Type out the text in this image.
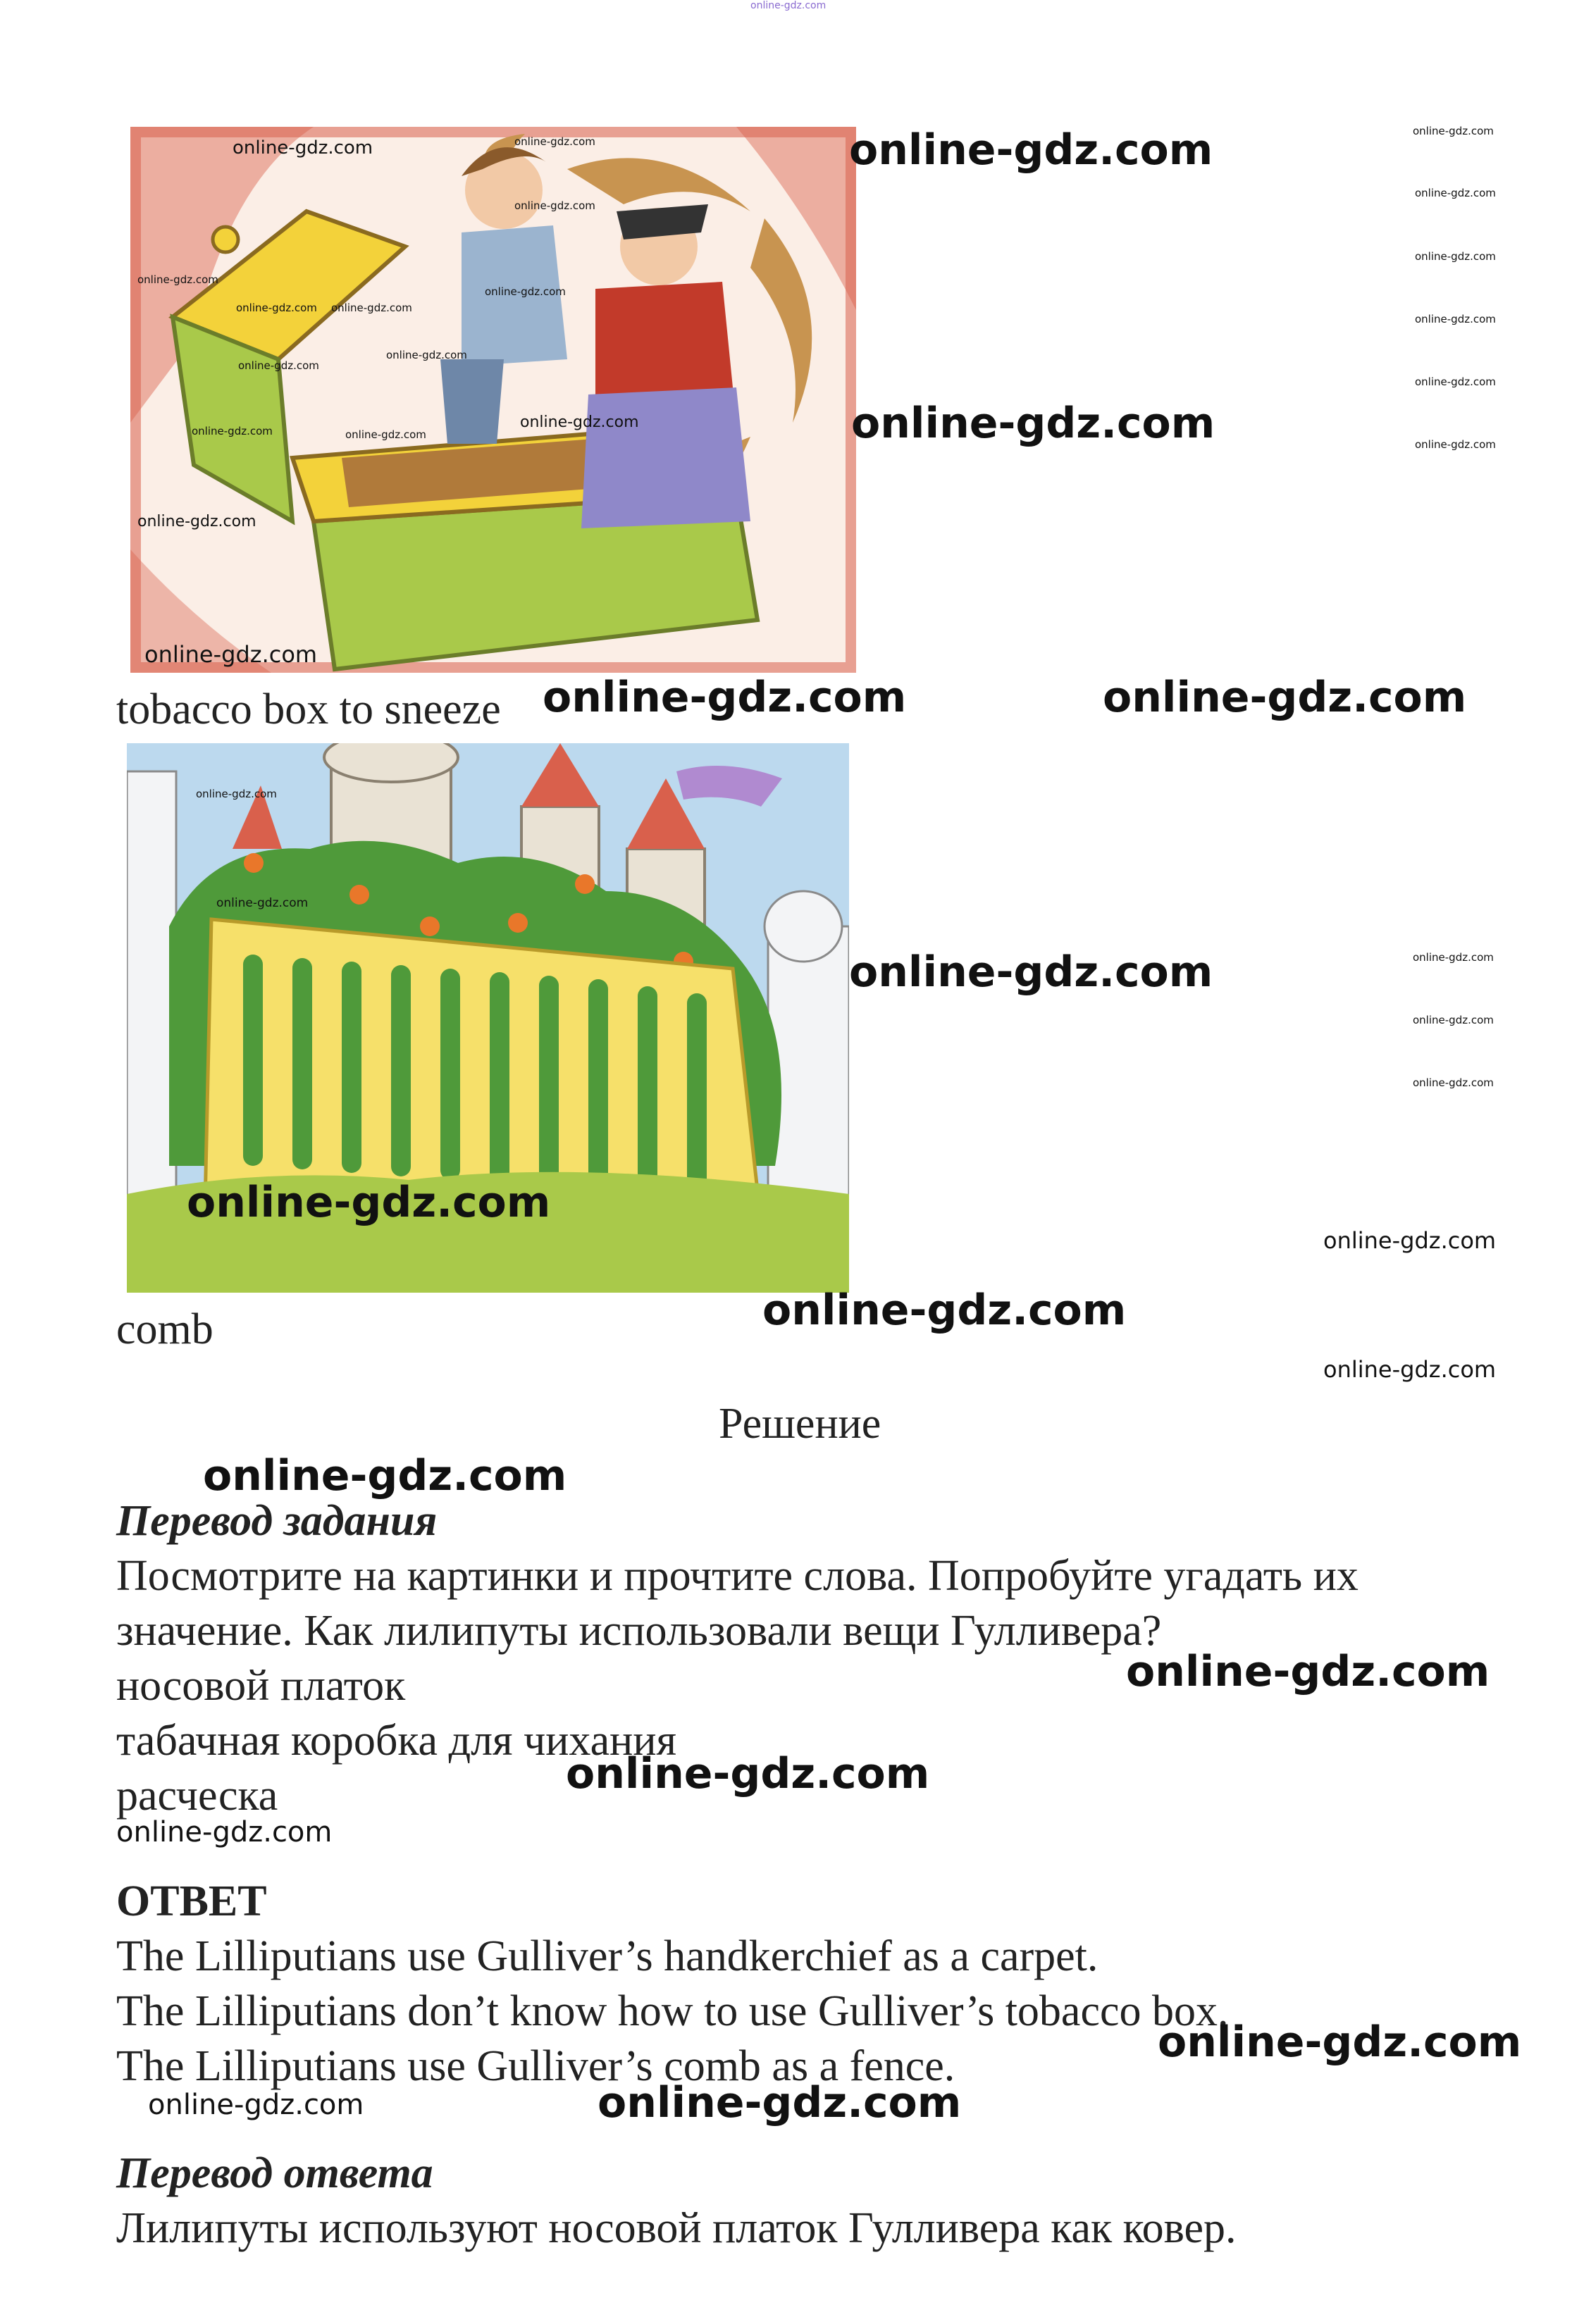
online-gdz.com
online-gdz.com	online-gdz.com
online-gdz.com
online-gdz.com
online-gdz.com
online-gdz.com online-gdz.com
online-gdz.com
online-gdz.com
online-gdz.com	online-gdz.com
online-gdz.com
online-gdz.com
online-gdz.com
online-gdz.com
online-gdz.com
online-gdz.com
online-gdz.com
online-gdz.com
online-gdz.com
online-gdz.com
online-gdz.com
tobacco box to sneeze online-gdz.com	online-gdz.com
online-gdz.com
online-gdz.com
online-gdz.com
online-gdz.com	online-gdz.com
online-gdz.com
online-gdz.com
online-gdz.com
comb	online-gdz.com
online-gdz.com
Решение
online-gdz.com
Перевод задания
Посмотрите на картинки и прочтите слова. Попробуйте угадать их
значение. Как лилипуты использовали вещи Гулливера?
носовой платок
табачная коробка для чихания
расческа
online-gdz.com
online-gdz.com
online-gdz.com
ОТВЕТ
The Lilliputians use Gulliver’s handkerchief as a carpet.
The Lilliputians don’t know how to use Gulliver’s tobacco box.
The Lilliputians use Gulliver’s comb as a fence.	online-gdz.com
online-gdz.com	online-gdz.com
Перевод ответа
Лилипуты используют носовой платок Гулливера как ковер.
